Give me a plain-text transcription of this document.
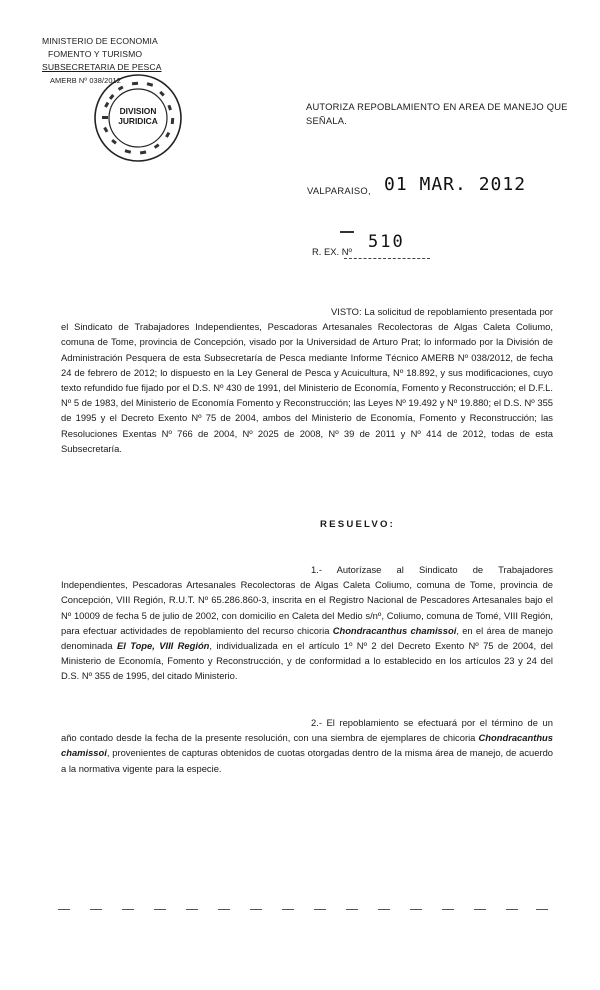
MINISTERIO DE ECONOMIA
FOMENTO Y TURISMO
SUBSECRETARIA DE PESCA
AMERB Nº 038/2012
DIVISION
JURIDICA
AUTORIZA REPOBLAMIENTO EN AREA DE MANEJO QUE SEÑALA.
VALPARAISO, 01 MAR. 2012
R. EX. Nº 510
VISTO: La solicitud de repoblamiento presentada por el Sindicato de Trabajadores Independientes, Pescadoras Artesanales Recolectoras de Algas Caleta Coliumo, comuna de Tome, provincia de Concepción, visado por la Universidad de Arturo Prat; lo informado por la División de Administración Pesquera de esta Subsecretaría de Pesca mediante Informe Técnico AMERB Nº 038/2012, de fecha 24 de febrero de 2012; lo dispuesto en la Ley General de Pesca y Acuicultura, Nº 18.892, y sus modificaciones, cuyo texto refundido fue fijado por el D.S. Nº 430 de 1991, del Ministerio de Economía, Fomento y Reconstrucción; el D.F.L. Nº 5 de 1983, del Ministerio de Economía Fomento y Reconstrucción; las Leyes Nº 19.492 y Nº 19.880; el D.S. Nº 355 de 1995 y el Decreto Exento Nº 75 de 2004, ambos del Ministerio de Economía, Fomento y Reconstrucción; las Resoluciones Exentas Nº 766 de 2004, Nº 2025 de 2008, Nº 39 de 2011 y Nº 414 de 2012, todas de esta Subsecretaría.
RESUELVO:
1.- Autorízase al Sindicato de Trabajadores Independientes, Pescadoras Artesanales Recolectoras de Algas Caleta Coliumo, comuna de Tome, provincia de Concepción, VIII Región, R.U.T. Nº 65.286.860-3, inscrita en el Registro Nacional de Pescadores Artesanales bajo el Nº 10009 de fecha 5 de julio de 2002, con domicilio en Caleta del Medio s/nº, Coliumo, comuna de Tomé, VIII Región, para efectuar actividades de repoblamiento del recurso chicoria Chondracanthus chamissoi, en el área de manejo denominada El Tope, VIII Región, individualizada en el artículo 1º Nº 2 del Decreto Exento Nº 75 de 2004, del Ministerio de Economía, Fomento y Reconstrucción, y de conformidad a lo establecido en los artículos 23 y 24 del D.S. Nº 355 de 1995, del citado Ministerio.
2.- El repoblamiento se efectuará por el término de un año contado desde la fecha de la presente resolución, con una siembra de ejemplares de chicoria Chondracanthus chamissoi, provenientes de capturas obtenidos de cuotas otorgadas dentro de la misma área de manejo, de acuerdo a la normativa vigente para la especie.
